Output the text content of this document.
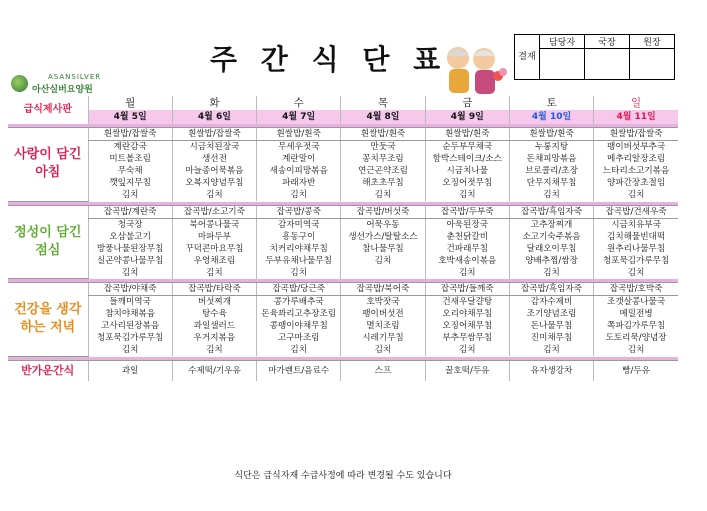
ASANSILVER
아산실버요양원
주 간 식 단 표	결재	담당자	국장	원장

급식제사판	월	화	수	목	금	토	일
	4월 5일	4월 6일	4월 7일	4월 8일	4월 9일	4월 10일	4월 11일

사랑이 담긴 아침	흰쌀밥/잡쌀죽	흰쌀밥/잡쌀죽	흰쌀밥/흰죽	흰쌀밥/흰죽	흰쌀밥/흰죽	흰쌀밥/흰죽	흰쌀밥/잡쌀죽
	계란감국	시금치된장국	무세우젓국	만둣국	순두부무채국	누룽지탕	팽이버섯부추국
	미트볼조림	생선전	계란말이	꽁치무조림	함박스테이크/소스	돈채피망볶음	메추리알장조림
	무숙채	마늘종어묵볶음	새송이피망볶음	연근곤약조림	시금치나물	브로콜리/초장	느타리소고기볶음
	깻잎지무침	오복지양념무침	파래자반	해초초무침	오징어젓무침	단무지채무침	양파간장초절임
	김치	김치	김치	김치	김치	김치	김치

정성이 담긴 점심	잡곡밥/계란죽	잡곡밥/소고기죽	잡곡밥/콩죽	잡곡밥/버섯죽	잡곡밥/두부죽	잡곡밥/흑임자죽	잡곡밥/건새우죽
	청국장	북어콩나물국	감자미역국	어묵우동	아욱된장국	고추장찌개	시금치유부국
	오삼불고기	마파두부	흥동구이	생선가스/탈탈소스	춘천닭갈비	소고기숙주볶음	김치해물빈대떡
	방풍나물된장무침	꾸덕콘마요무침	치커리야채무침	참나물무침	건파래무침	달래오이무침	원추리나물무침
	실곤약콩나물무침	우엉채조림	두부유채나물무침	김치	호박새송이볶음	양배추찜/쌈장	청포묵김가루무침
	김치	김치	김치		김치	김치	김치

건강을 생각하는 저녁	잡곡밥/야채죽	잡곡밥/타락죽	잡곡밥/당근죽	잡곡밥/북어죽	잡곡밥/들깨죽	잡곡밥/흑임자죽	잡곡밥/호박죽
	들깨미역국	버섯찌개	콩가루배추국	호박잣국	건새우달걀탕	감자수제비	조갯살콩나물국
	참치야채볶음	탕수육	돈육꽈리고추장조림	팽이버섯전	오리야채무침	조기양념조림	메밀전병
	고사리된장볶음	과일샐러드	콩팽이야채무침	멸치조림	오징어채무침	돈나물무침	쪽파김가루무침
	청포묵김가루무침	우거지볶음	고구마조림	시레기무침	부추무쌈무침	진미채무침	도토리묵/양념장
	김치	김치	김치	김치	김치	김치	김치

반가운간식	과일	수제떡/기우유	마가렌트/음료수	스프	꿀호떡/두유	유자생강차	빵/두유
식단은 급식자재 수급사정에 따라 변경될 수도 있습니다
